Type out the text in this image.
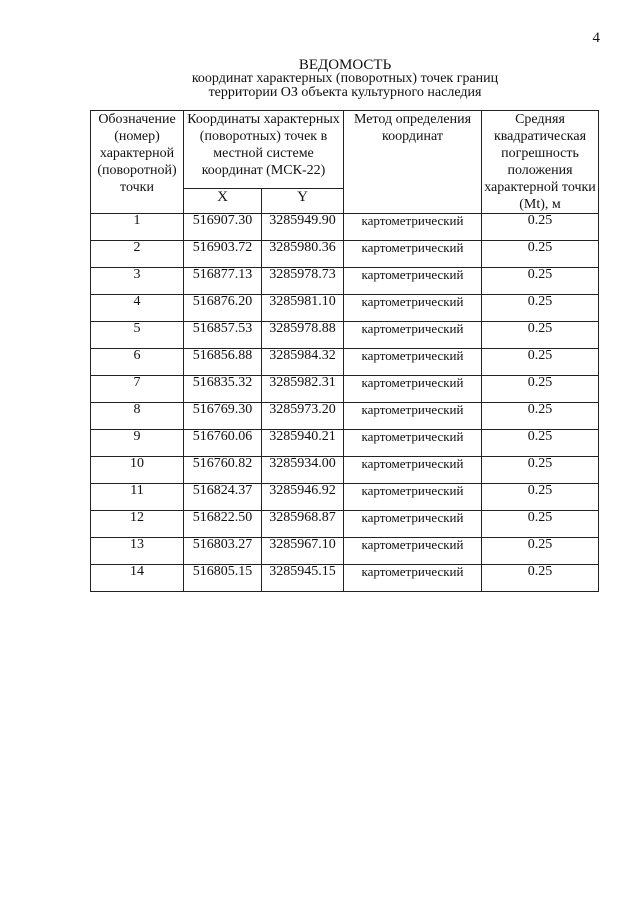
4
ВЕДОМОСТЬ
координат характерных (поворотных) точек границ
территории ОЗ объекта культурного наследия
Обозначение (номер) характерной (поворотной) точки	Координаты характерных (поворотных) точек в местной системе координат (МСК-22)		Метод определения координат	Средняя квадратическая погрешность положения характерной точки (Mt), м
	X	Y		
1	516907.30	3285949.90	картометрический	0.25
2	516903.72	3285980.36	картометрический	0.25
3	516877.13	3285978.73	картометрический	0.25
4	516876.20	3285981.10	картометрический	0.25
5	516857.53	3285978.88	картометрический	0.25
6	516856.88	3285984.32	картометрический	0.25
7	516835.32	3285982.31	картометрический	0.25
8	516769.30	3285973.20	картометрический	0.25
9	516760.06	3285940.21	картометрический	0.25
10	516760.82	3285934.00	картометрический	0.25
11	516824.37	3285946.92	картометрический	0.25
12	516822.50	3285968.87	картометрический	0.25
13	516803.27	3285967.10	картометрический	0.25
14	516805.15	3285945.15	картометрический	0.25
